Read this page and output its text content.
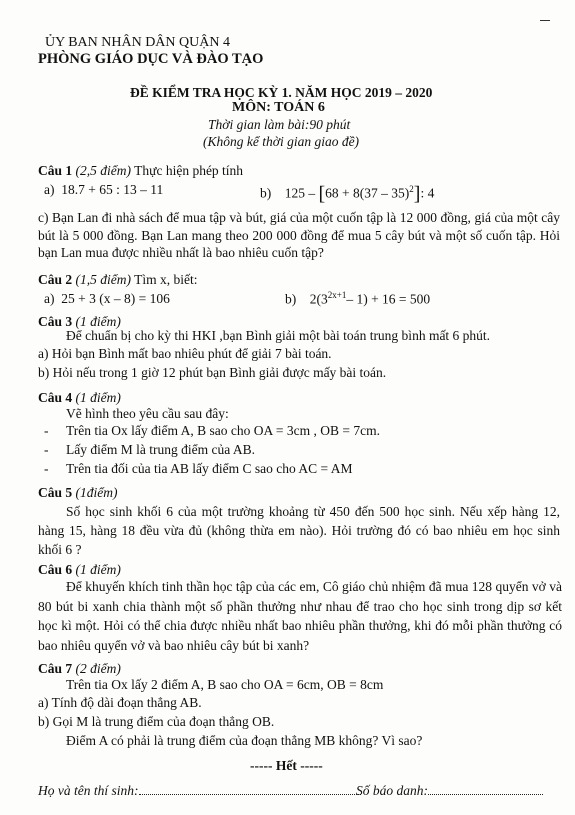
ỦY BAN NHÂN DÂN QUẬN 4
PHÒNG GIÁO DỤC VÀ ĐÀO TẠO
ĐỀ KIỂM TRA HỌC KỲ 1. NĂM HỌC 2019 – 2020
MÔN: TOÁN 6
Thời gian làm bài:90 phút
(Không kể thời gian giao đề)
Câu 1 (2,5 điểm) Thực hiện phép tính
a) 18.7 + 65 : 13 – 11	b) 125 – [68 + 8(37 – 35)$^2$]: 4
c) Bạn Lan đi nhà sách để mua tập và bút, giá của một cuốn tập là 12 000 đồng, giá của một cây bút là 5 000 đồng. Bạn Lan mang theo 200 000 đồng để mua 5 cây bút và một số cuốn tập. Hỏi bạn Lan mua được nhiều nhất là bao nhiêu cuốn tập?
Câu 2 (1,5 điểm) Tìm x, biết:
a) 25 + 3 (x – 8) = 106	b) $2(3^{2x+1}-$ 1) + 16 = 500
Câu 3 (1 điểm)
Để chuẩn bị cho kỳ thi HKI ,bạn Bình giải một bài toán trung bình mất 6 phút.
a) Hỏi bạn Bình mất bao nhiêu phút để giải 7 bài toán.
b) Hỏi nếu trong 1 giờ 12 phút bạn Bình giải được mấy bài toán.
Câu 4 (1 điểm)
Vẽ hình theo yêu cầu sau đây:
- Trên tia Ox lấy điểm A, B sao cho OA = 3cm , OB = 7cm.
- Lấy điểm M là trung điểm của AB.
- Trên tia đối của tia AB lấy điểm C sao cho AC = AM
Câu 5 (1điểm)
Số học sinh khối 6 của một trường khoảng từ 450 đến 500 học sinh. Nếu xếp hàng 12, hàng 15, hàng 18 đều vừa đủ (không thừa em nào). Hỏi trường đó có bao nhiêu em học sinh khối 6 ?
Câu 6 (1 điểm)
Để khuyến khích tinh thần học tập của các em, Cô giáo chủ nhiệm đã mua 128 quyển vở và 80 bút bi xanh chia thành một số phần thưởng như nhau để trao cho học sinh trong dịp sơ kết học kì một. Hỏi có thể chia được nhiều nhất bao nhiêu phần thưởng, khi đó mỗi phần thưởng có bao nhiêu quyển vở và bao nhiêu cây bút bi xanh?
Câu 7 (2 điểm)
Trên tia Ox lấy 2 điểm A, B sao cho OA = 6cm, OB = 8cm
a) Tính độ dài đoạn thẳng AB.
b) Gọi M là trung điểm của đoạn thẳng OB.
Điểm A có phải là trung điểm của đoạn thẳng MB không? Vì sao?
----- Hết -----
Họ và tên thí sinh:	Số báo danh:
